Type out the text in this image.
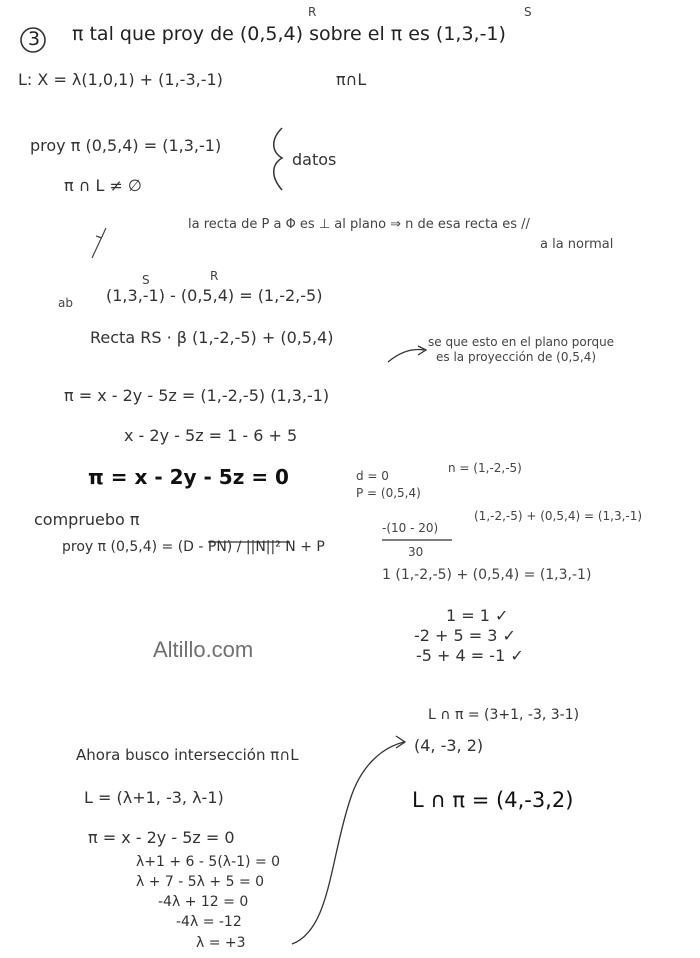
3 π tal que proy de (0,5,4) sobre el π es (1,3,-1)
R	S
L: X = λ(1,0,1) + (1,-3,-1)	π∩L
proy π (0,5,4) = (1,3,-1)
π ∩ L ≠ ∅
datos
la recta de P a Φ es ⊥ al plano ⇒ n de esa recta es //
a la normal
S	R
ab (1,3,-1) - (0,5,4) = (1,-2,-5)
Recta RS · β (1,-2,-5) + (0,5,4)	se que esto en el plano porque
es la proyección de (0,5,4)
π = x - 2y - 5z = (1,-2,-5) (1,3,-1)
x - 2y - 5z = 1 - 6 + 5
π = x - 2y - 5z = 0	d = 0
P = (0,5,4)
n = (1,-2,-5)
compruebo π
proy π (0,5,4) = (D - PN) / ||N||² N + P
-(10 - 20)
30
(1,-2,-5) + (0,5,4) = (1,3,-1)
1 (1,-2,-5) + (0,5,4) = (1,3,-1)
1 = 1 ✓
-2 + 5 = 3 ✓
-5 + 4 = -1 ✓
Altillo.com
Ahora busco intersección π∩L
L = (λ+1, -3, λ-1)
π = x - 2y - 5z = 0
λ+1 + 6 - 5(λ-1) = 0
λ + 7 - 5λ + 5 = 0
-4λ + 12 = 0
-4λ = -12
λ = +3
L ∩ π = (3+1, -3, 3-1)
(4, -3, 2)
L ∩ π = (4,-3,2)
